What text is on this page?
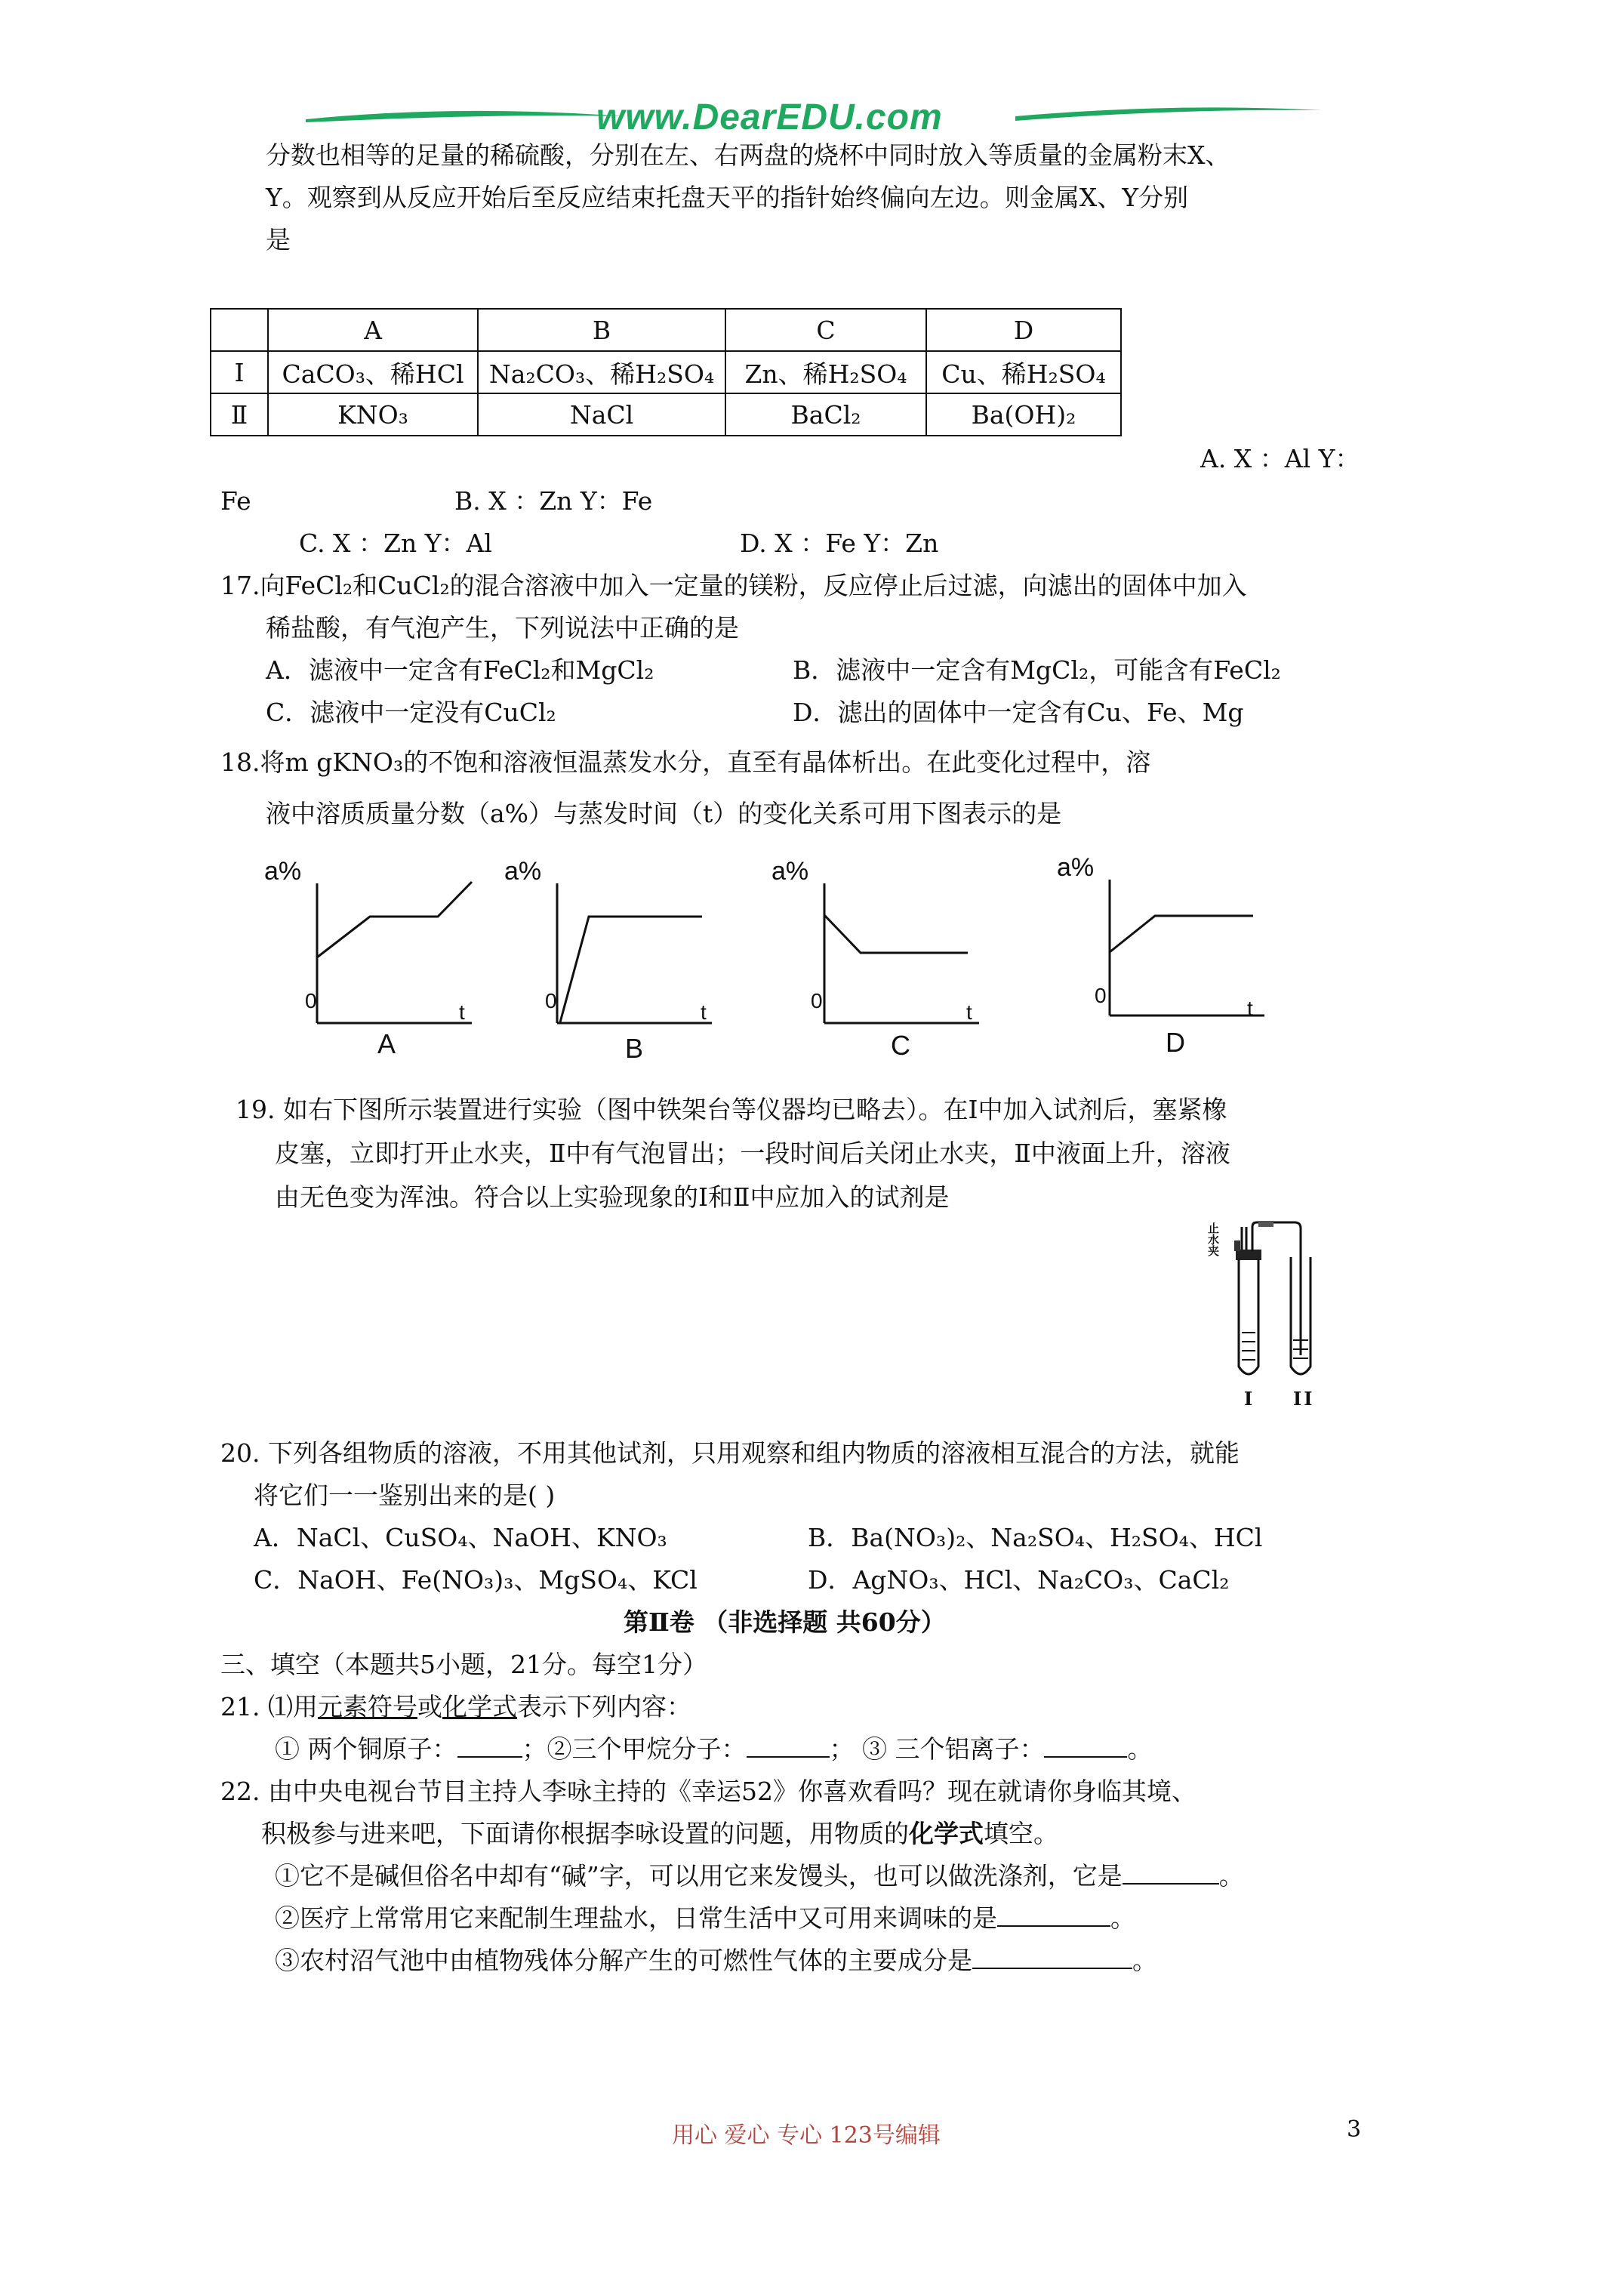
www.DearEDU.com
分数也相等的足量的稀硫酸，分别在左、右两盘的烧杯中同时放入等质量的金属粉末X、
Y。观察到从反应开始后至反应结束托盘天平的指针始终偏向左边。则金属X、Y分别
是
	A	B	C	D
Ⅰ	CaCO₃、稀HCl	Na₂CO₃、稀H₂SO₄	Zn、稀H₂SO₄	Cu、稀H₂SO₄
Ⅱ	KNO₃	NaCl	BaCl₂	Ba(OH)₂
A. X ：Al Y：
Fe	B. X ：Zn Y：Fe
C. X ：Zn Y：Al	D. X ：Fe Y：Zn
17.向FeCl₂和CuCl₂的混合溶液中加入一定量的镁粉，反应停止后过滤，向滤出的固体中加入
稀盐酸，有气泡产生，下列说法中正确的是
A．滤液中一定含有FeCl₂和MgCl₂	B．滤液中一定含有MgCl₂，可能含有FeCl₂
C．滤液中一定没有CuCl₂	D．滤出的固体中一定含有Cu、Fe、Mg
18.将m gKNO₃的不饱和溶液恒温蒸发水分，直至有晶体析出。在此变化过程中，溶
液中溶质质量分数（a%）与蒸发时间（t）的变化关系可用下图表示的是
a%
0	t
A
a%
0	t
B
a%
0	t
C
a%
0
t
D
19. 如右下图所示装置进行实验（图中铁架台等仪器均已略去）。在Ⅰ中加入试剂后，塞紧橡
皮塞，立即打开止水夹，Ⅱ中有气泡冒出；一段时间后关闭止水夹，Ⅱ中液面上升，溶液
由无色变为浑浊。符合以上实验现象的Ⅰ和Ⅱ中应加入的试剂是
止水夹
I II
20. 下列各组物质的溶液，不用其他试剂，只用观察和组内物质的溶液相互混合的方法，就能
将它们一一鉴别出来的是( )
A．NaCl、CuSO₄、NaOH、KNO₃	B．Ba(NO₃)₂、Na₂SO₄、H₂SO₄、HCl
C．NaOH、Fe(NO₃)₃、MgSO₄、KCl	D．AgNO₃、HCl、Na₂CO₃、CaCl₂
第Ⅱ卷 （非选择题 共60分）
三、填空（本题共5小题，21分。每空1分）
21. ⑴用元素符号或化学式表示下列内容：
① 两个铜原子：	；②三个甲烷分子：	； ③ 三个铝离子：	。
22. 由中央电视台节目主持人李咏主持的《幸运52》你喜欢看吗？现在就请你身临其境、
积极参与进来吧，下面请你根据李咏设置的问题，用物质的化学式填空。
①它不是碱但俗名中却有“碱”字，可以用它来发馒头，也可以做洗涤剂，它是	。
②医疗上常常用它来配制生理盐水，日常生活中又可用来调味的是	。
③农村沼气池中由植物残体分解产生的可燃性气体的主要成分是	。
用心 爱心 专心 123号编辑	3
